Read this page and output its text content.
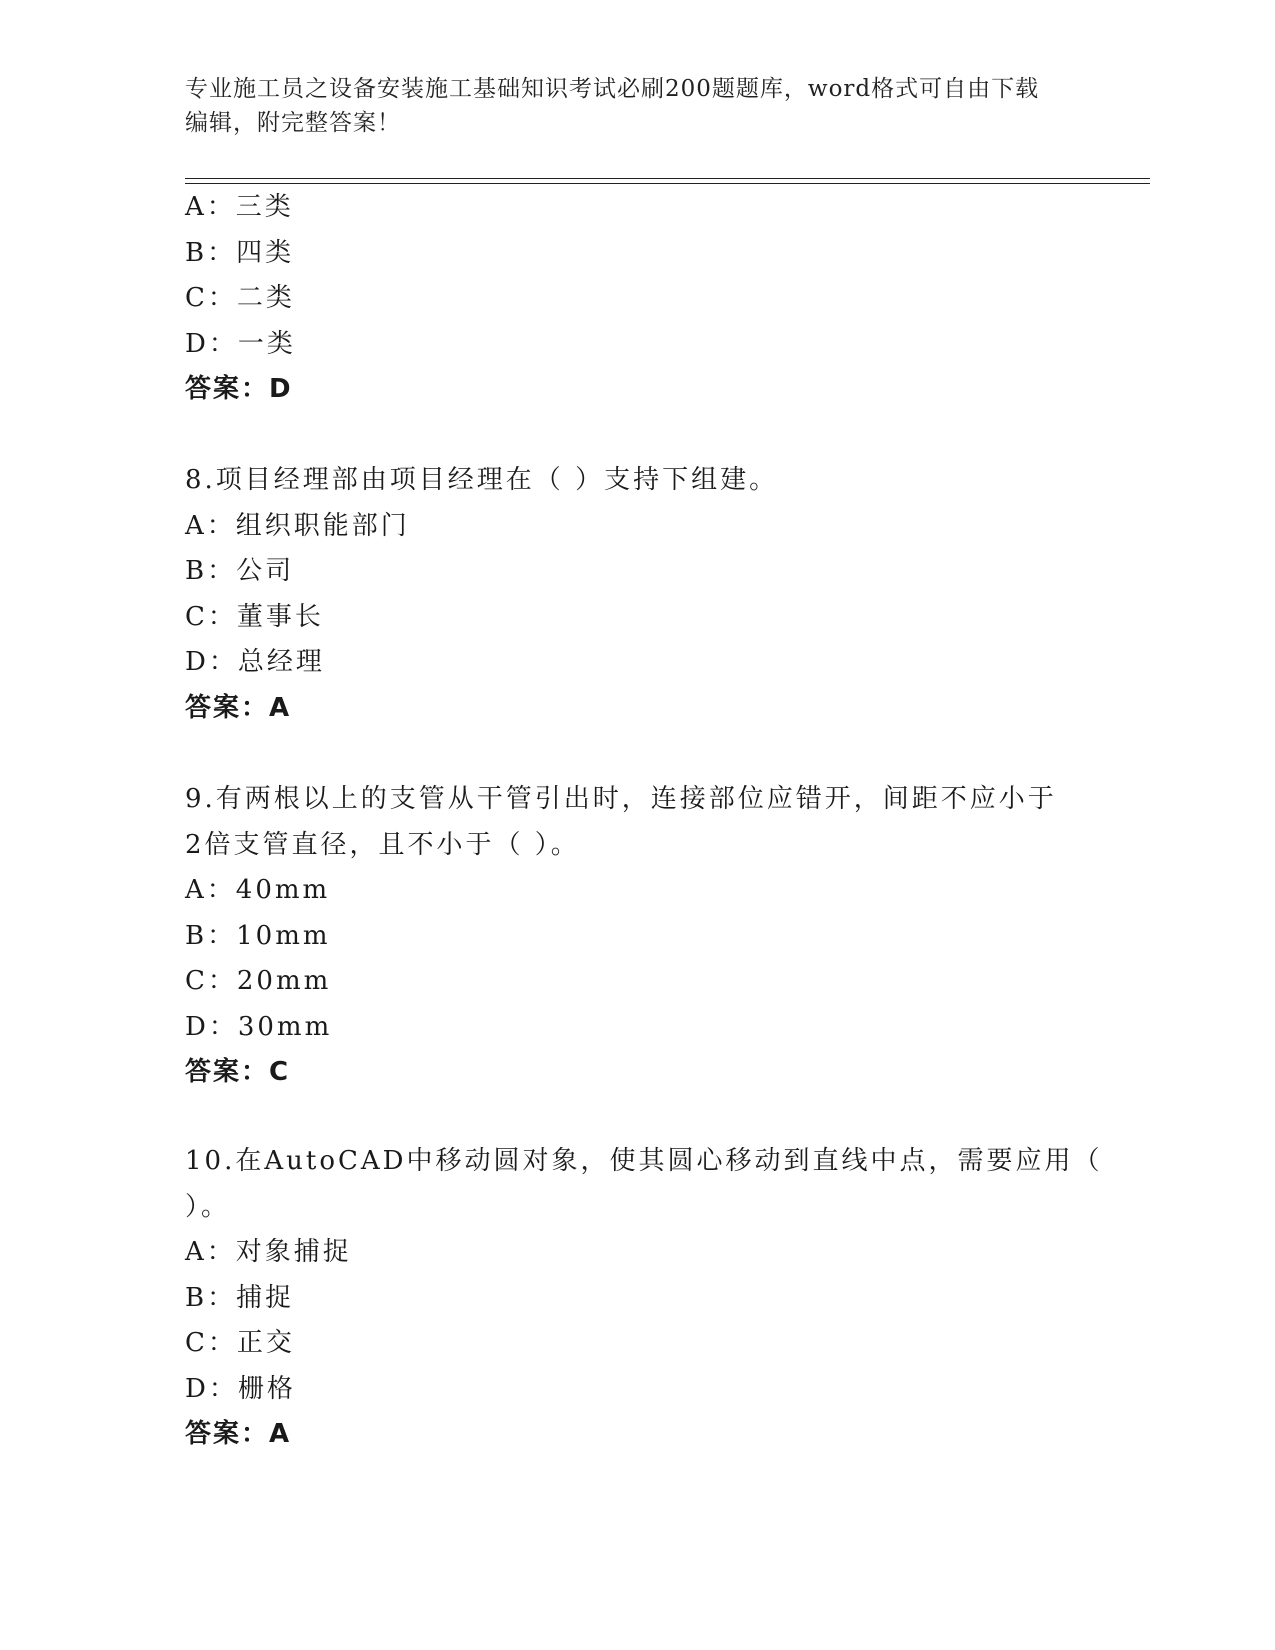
专业施工员之设备安装施工基础知识考试必刷200题题库，word格式可自由下载
编辑，附完整答案！
A：三类
B：四类
C：二类
D：一类
答案：D
8.项目经理部由项目经理在（ ）支持下组建。
A：组织职能部门
B：公司
C：董事长
D：总经理
答案：A
9.有两根以上的支管从干管引出时，连接部位应错开，间距不应小于
2倍支管直径，且不小于（ ）。
A：40mm
B：10mm
C：20mm
D：30mm
答案：C
10.在AutoCAD中移动圆对象，使其圆心移动到直线中点，需要应用（
）。
A：对象捕捉
B：捕捉
C：正交
D：栅格
答案：A
